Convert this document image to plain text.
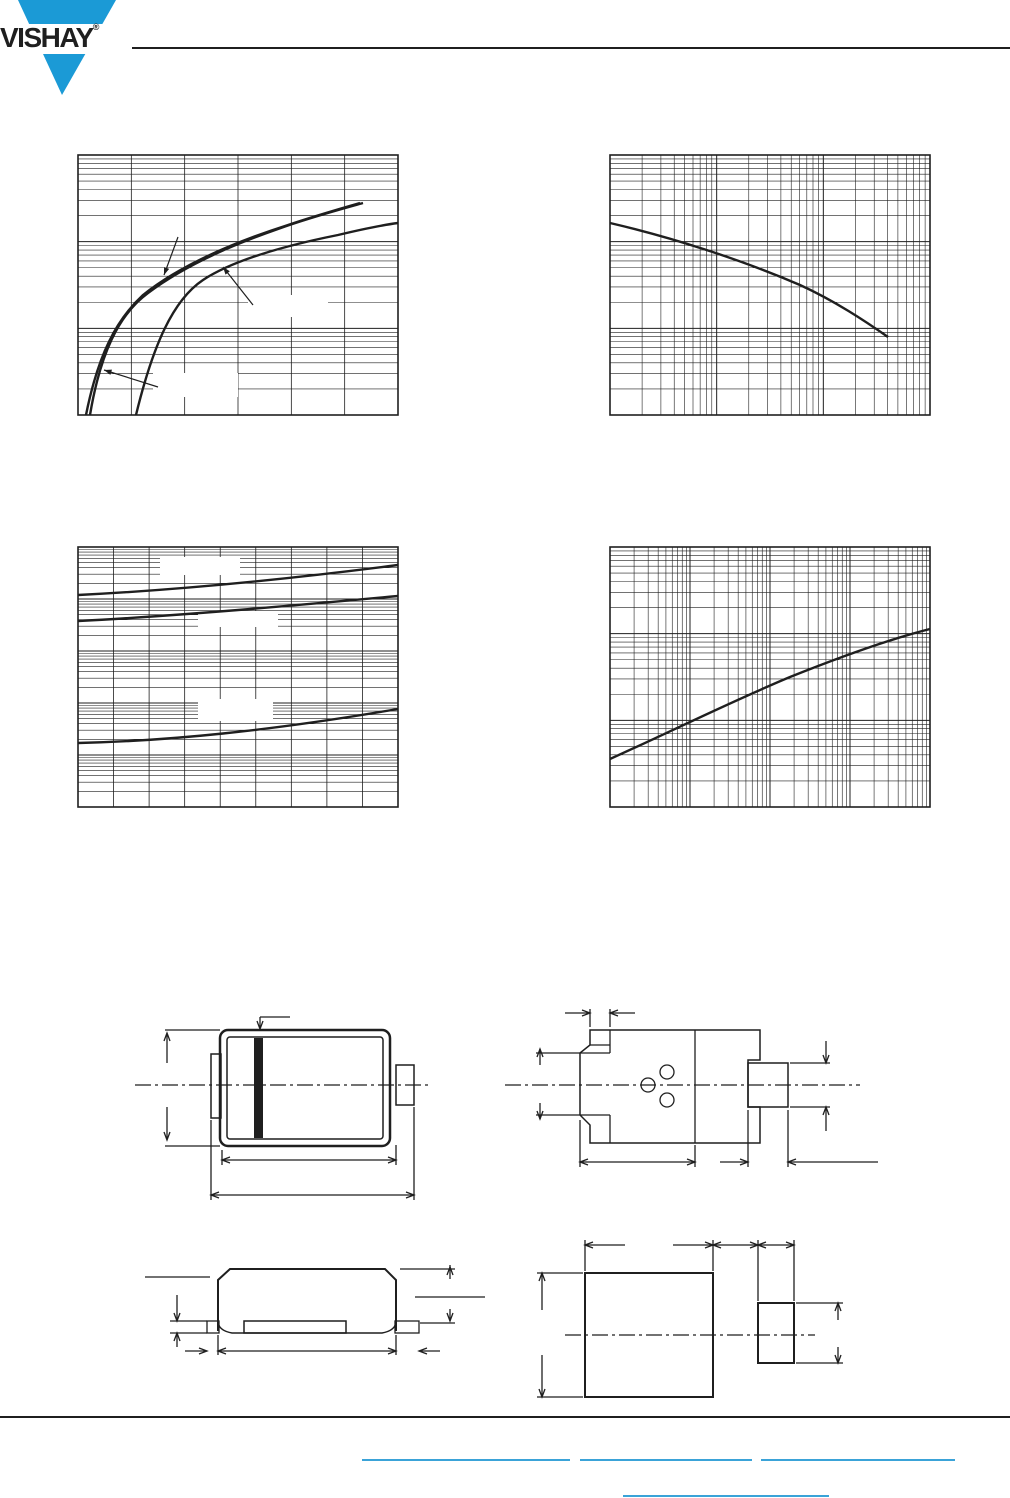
VISHAY®
